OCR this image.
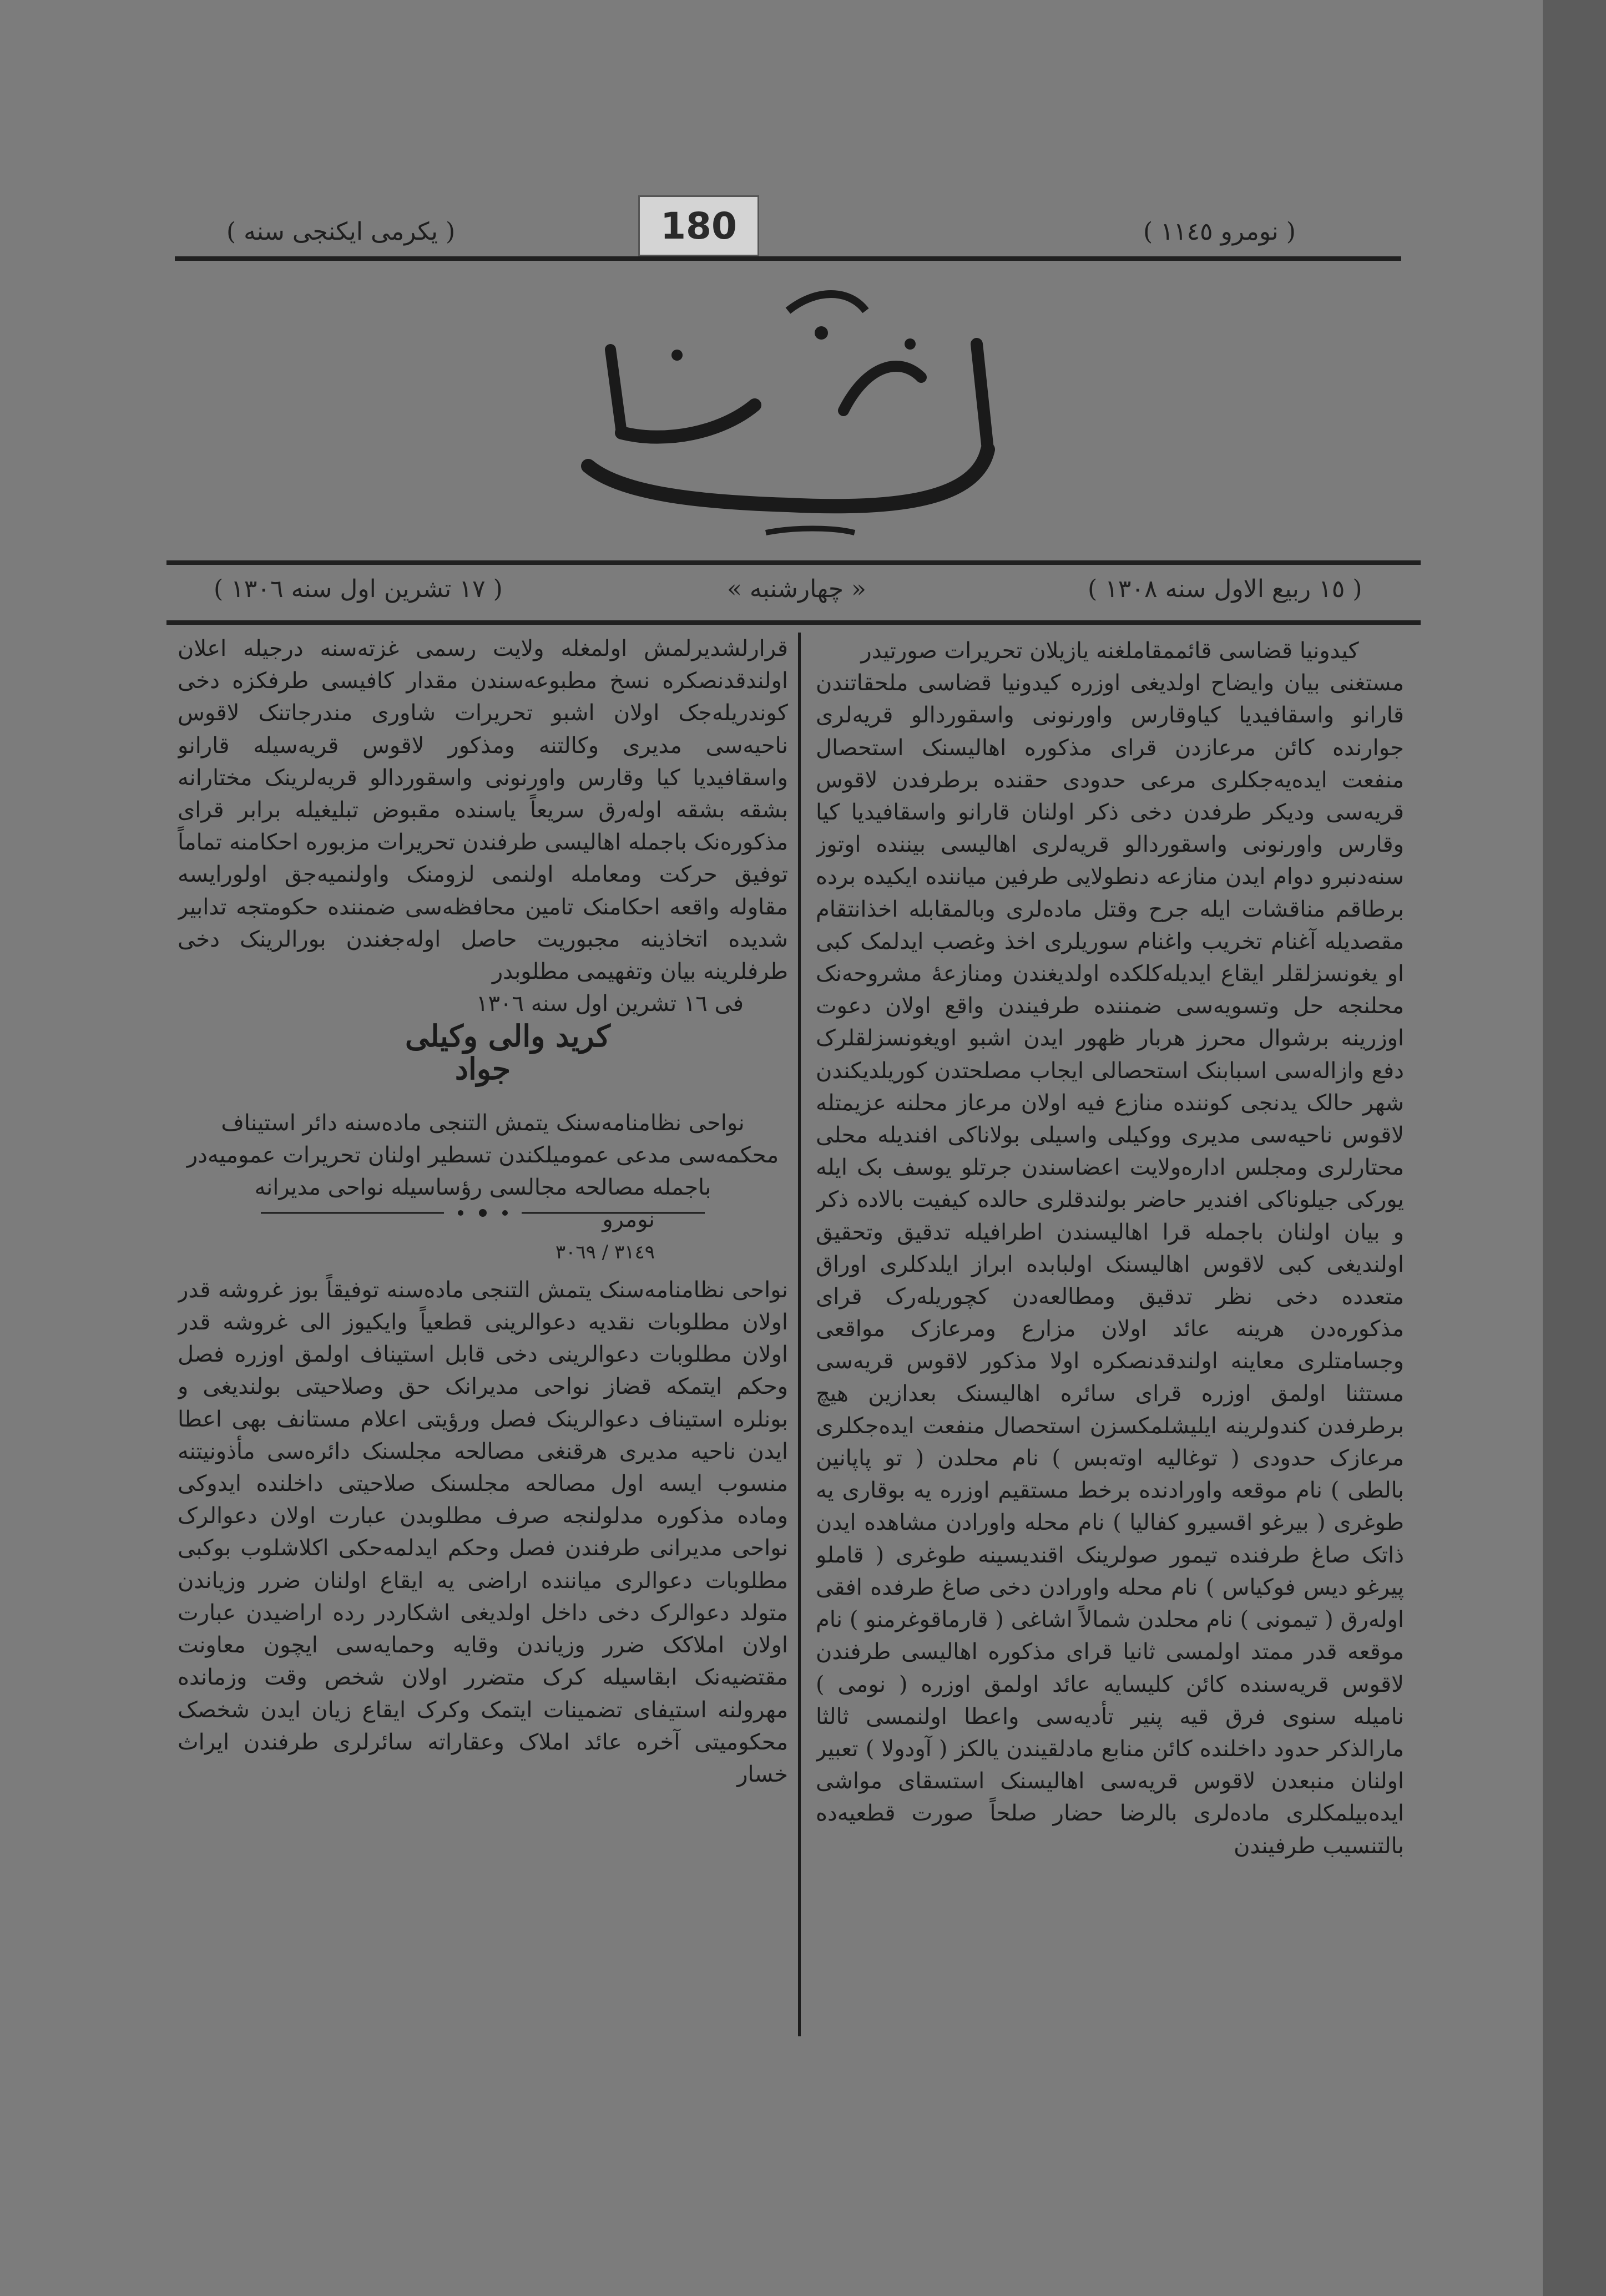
180	( نومرو ١١٤٥ )
( یکرمی ایکنجی سنه )
کرید
( ١٥ ربیع الاول سنه ١٣٠٨ )
« چهارشنبه »
( ١٧ تشرین اول سنه ١٣٠٦ )

کیدونیا قضاسی قائممقاملغنه یازیلان تحریرات صورتیدر

مستغنی بیان وایضاح اولدیغی اوزره کیدونیا قضاسی ملحقاتندن قارانو واسقافیدیا کیاوقارس واورنونی واسقوردالو قریه‌لری جوارنده کائن مرعازدن قرای مذکوره اهالیسنک استحصال منفعت ایده‌یه‌جکلری مرعی حدودی حقنده برطرفدن لاقوس قریه‌سی ودیکر طرفدن دخی ذکر اولنان قارانو واسقافیدیا کیا وقارس واورنونی واسقوردالو قریه‌لری اهالیسی بیننده اوتوز سنه‌دنبرو دوام ایدن منازعه دنطولایی طرفین میاننده ایکیده برده برطاقم مناقشات ایله جرح وقتل ماده‌لری وبالمقابله اخذانتقام مقصدیله آغنام تخریب واغنام سوریلری اخذ وغصب ایدلمک کبی او یغونسزلقلر ایقاع ایدیله‌کلکده اولدیغندن ومنازعهٔ مشروحه‌نک محلنجه حل وتسویه‌سی ضمننده طرفیندن واقع اولان دعوت اوزرینه برشوال محرز هربار ظهور ایدن اشبو اویغونسزلقلرک دفع وازاله‌سی اسبابنک استحصالی ایجاب مصلحتدن کوریلدیکندن شهر حالک یدنجی کوننده منازع فیه اولان مرعاز محلنه عزیمتله لاقوس ناحیه‌سی مدیری ووکیلی واسیلی بولاناکی افندیله محلی محتارلری ومجلس اداره‌ولایت اعضاسندن جرتلو یوسف بک ایله یورکی جیلوناکی افندیر حاضر بولندقلری حالده کیفیت بالاده ذکر و بیان اولنان باجمله قرا اهالیسندن اطرافیله تدقیق وتحقیق اولندیغی کبی لاقوس اهالیسنک اولبابده ابراز ایلدکلری اوراق متعدده دخی نظر تدقیق ومطالعه‌دن کچوریله‌رک قرای مذکوره‌دن هرینه عائد اولان مزارع ومرعازک مواقعی وجسامتلری معاینه اولندقدنصکره اولا مذکور لاقوس قریه‌سی مستثنا اولمق اوزره قرای سائره اهالیسنک بعدازین هیچ برطرفدن کندولرینه ایلیشلمکسزن استحصال منفعت ایده‌جکلری مرعازک حدودی ( توغالیه اوته‌بس ) نام محلدن ( تو پاپانین بالطی ) نام موقعه واورادنده برخط مستقیم اوزره یه بوقاری یه طوغری ( بیرغو اقسیرو کفالیا ) نام محله واورادن مشاهده ایدن ذاتک صاغ طرفنده تیمور صولرینک اقندیسینه طوغری ( قاملو پیرغو دیس فوکیاس ) نام محله واورادن دخی صاغ طرفده افقی اوله‌رق ( تیمونی ) نام محلدن شمالاً اشاغی ( قارماقوغرمنو ) نام موقعه قدر ممتد اولمسی ثانیا قرای مذکوره اهالیسی طرفندن لاقوس قریه‌سنده کائن کلیسایه عائد اولمق اوزره ( نومی ) نامیله سنوی فرق قیه پنیر تأدیه‌سی واعطا اولنمسی ثالثا مارالذکر حدود داخلنده کائن منابع مادلقیندن یالکز ( آودولا ) تعبیر اولنان منبعدن لاقوس قریه‌سی اهالیسنک استسقای مواشی ایده‌بیلمکلری ماده‌لری بالرضا حضار صلحاً صورت قطعیه‌ده بالتنسیب طرفیندن

قرارلشدیرلمش اولمغله ولایت رسمی غزته‌سنه درجیله اعلان اولندقدنصکره نسخ مطبوعه‌سندن مقدار کافیسی طرفکزه دخی کوندریله‌جک اولان اشبو تحریرات شاوری مندرجاتنک لاقوس ناحیه‌سی مدیری وکالتنه ومذکور لاقوس قریه‌سیله قارانو واسقافیدیا کیا وقارس واورنونی واسقوردالو قریه‌لرینک مختارانه بشقه بشقه اوله‌رق سریعاً یاسنده مقبوض تبلیغیله برابر قرای مذکوره‌نک باجمله اهالیسی طرفندن تحریرات مزبوره احکامنه تماماً توفیق حرکت ومعامله اولنمی لزومنک واولنمیه‌جق اولورایسه مقاوله واقعه احکامنک تامین محافظه‌سی ضمننده حکومتجه تدابیر شدیده اتخاذینه مجبوریت حاصل اوله‌جغندن بورالرینک دخی طرفلرینه بیان وتفهیمی مطلوبدر

فی ١٦ تشرین اول سنه ١٣٠٦

کرید والی وکیلی

جواد

نواحی نظامنامه‌سنک یتمش التنجی ماده‌سنه دائر استیناف محکمه‌سی مدعی عمومیلکندن تسطیر اولنان تحریرات عمومیه‌در

باجمله مصالحه مجالسی رؤساسیله نواحی مدیرانه

نومرو

٣١٤٩ / ٣٠٦٩

نواحی نظامنامه‌سنک یتمش التنجی ماده‌سنه توفیقاً بوز غروشه قدر اولان مطلوبات نقدیه دعوالرینی قطعیاً وایکیوز الی غروشه قدر اولان مطلوبات دعوالرینی دخی قابل استیناف اولمق اوزره فصل وحکم ایتمکه قضاز نواحی مدیرانک حق وصلاحیتی بولندیغی و بونلره استیناف دعوالرینک فصل ورؤیتی اعلام مستانف بهی اعطا ایدن ناحیه مدیری هرقنغی مصالحه مجلسنک دائره‌سی مأذونیتنه منسوب ایسه اول مصالحه مجلسنک صلاحیتی داخلنده ایدوکی وماده مذکوره مدلولنجه صرف مطلوبدن عبارت اولان دعوالرک نواحی مدیرانی طرفندن فصل وحکم ایدلمه‌حکی اکلاشلوب بوکبی مطلوبات دعوالری میاننده اراضی یه ایقاع اولنان ضرر وزیاندن متولد دعوالرک دخی داخل اولدیغی اشکاردر رده اراضیدن عبارت اولان املاکک ضرر وزیاندن وقایه وحمایه‌سی ایچون معاونت مقتضیه‌نک ابقاسیله کرک متضرر اولان شخص وقت وزمانده مهرولنه استیفای تضمینات ایتمک وکرک ایقاع زیان ایدن شخصک محکومیتی آخره عائد املاک وعقاراته سائرلری طرفندن ایراث خسار
